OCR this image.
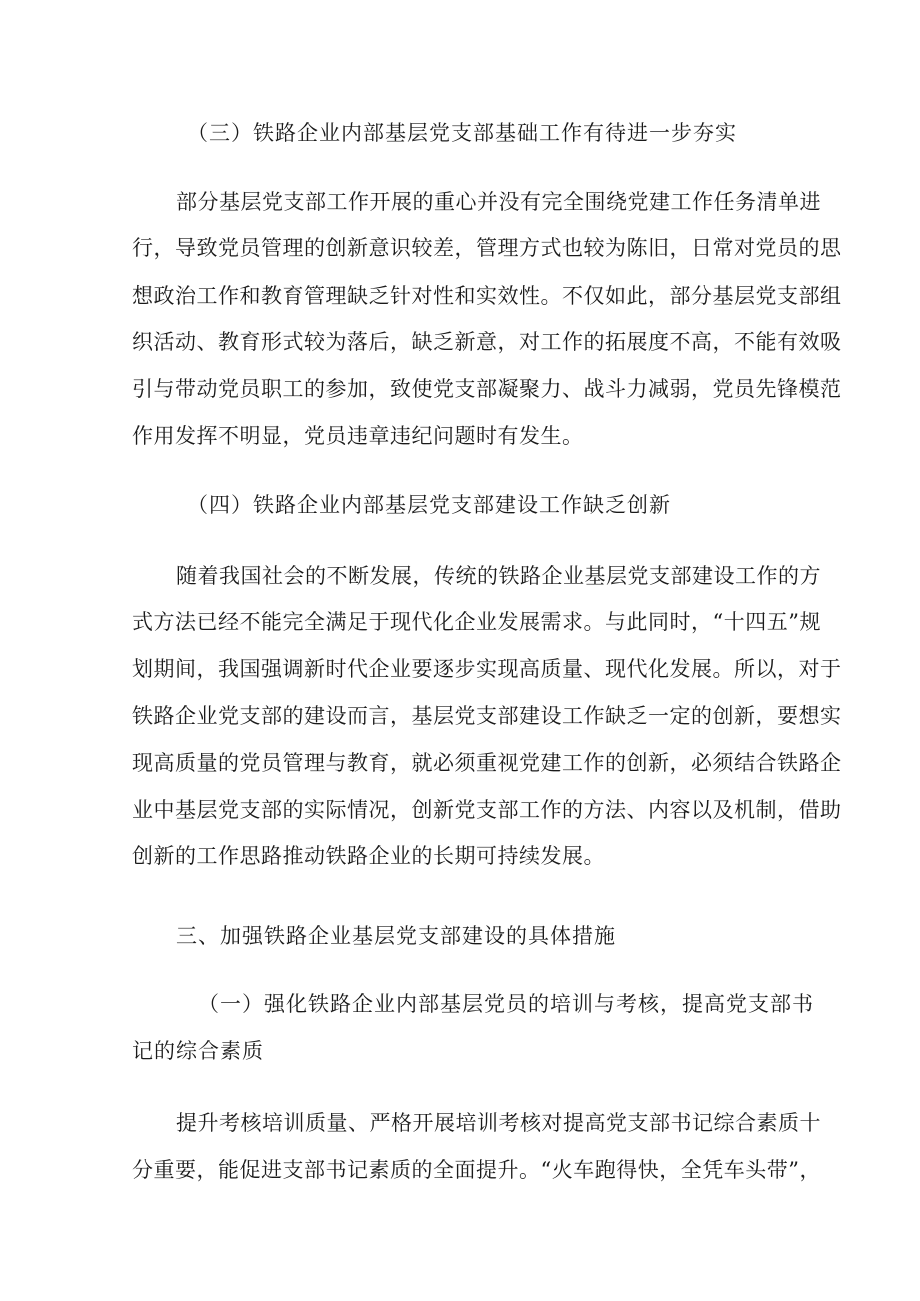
（三）铁路企业内部基层党支部基础工作有待进一步夯实
部分基层党支部工作开展的重心并没有完全围绕党建工作任务清单进
行，导致党员管理的创新意识较差，管理方式也较为陈旧，日常对党员的思
想政治工作和教育管理缺乏针对性和实效性。不仅如此，部分基层党支部组
织活动、教育形式较为落后，缺乏新意，对工作的拓展度不高，不能有效吸
引与带动党员职工的参加，致使党支部凝聚力、战斗力减弱，党员先锋模范
作用发挥不明显，党员违章违纪问题时有发生。
（四）铁路企业内部基层党支部建设工作缺乏创新
随着我国社会的不断发展，传统的铁路企业基层党支部建设工作的方
式方法已经不能完全满足于现代化企业发展需求。与此同时，“十四五”规
划期间，我国强调新时代企业要逐步实现高质量、现代化发展。所以，对于
铁路企业党支部的建设而言，基层党支部建设工作缺乏一定的创新，要想实
现高质量的党员管理与教育，就必须重视党建工作的创新，必须结合铁路企
业中基层党支部的实际情况，创新党支部工作的方法、内容以及机制，借助
创新的工作思路推动铁路企业的长期可持续发展。
三、加强铁路企业基层党支部建设的具体措施
（一）强化铁路企业内部基层党员的培训与考核，提高党支部书
记的综合素质
提升考核培训质量、严格开展培训考核对提高党支部书记综合素质十
分重要，能促进支部书记素质的全面提升。“火车跑得快，全凭车头带”，
